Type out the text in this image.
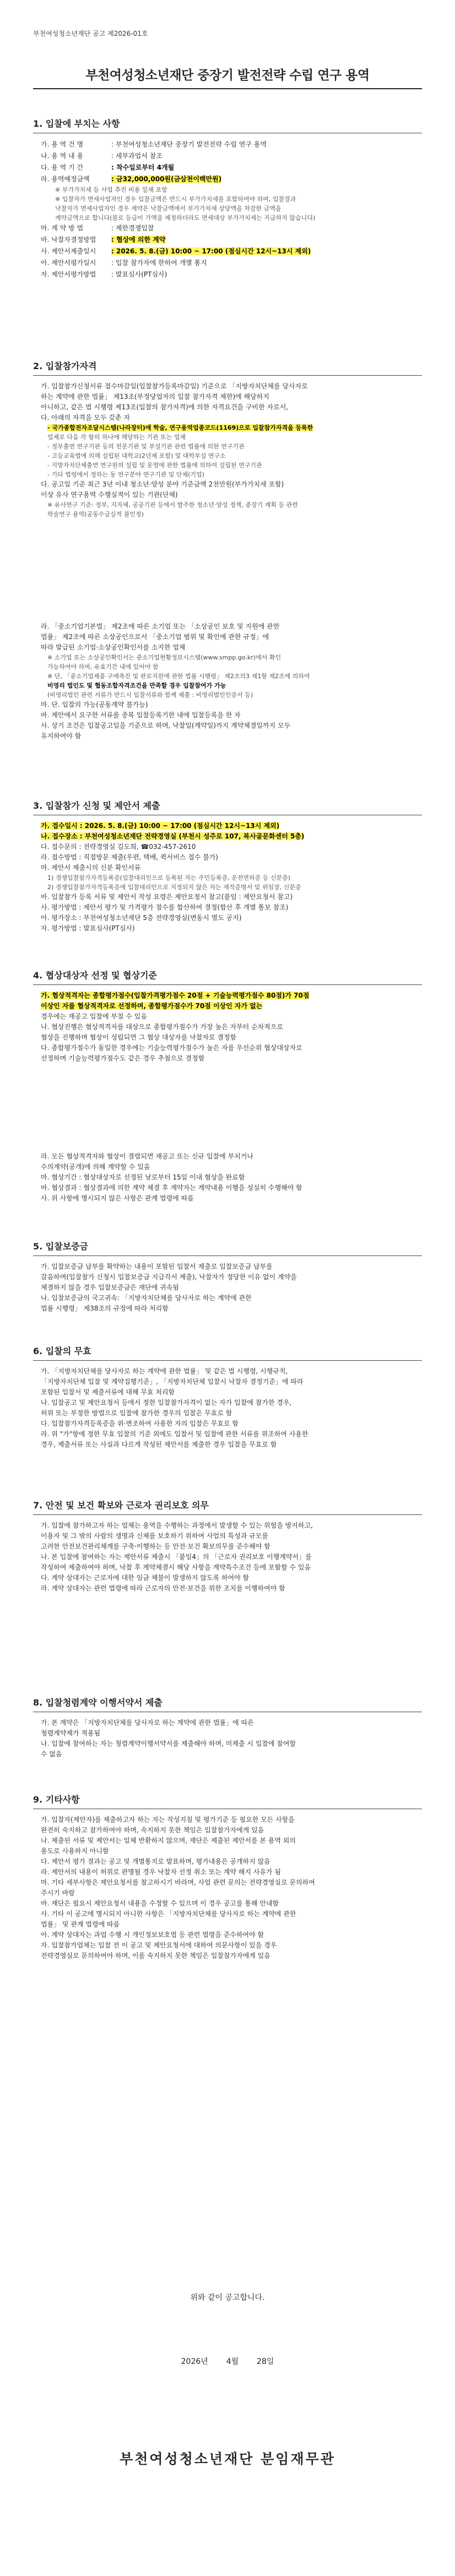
부천여성청소년재단 공고 제2026-01호
부천여성청소년재단 중장기 발전전략 수립 연구 용역
1. 입찰에 부치는 사항
가. 용 역 건 명	: 부천여성청소년재단 중장기 발전전략 수립 연구 용역
나. 용 역 내 용	: 세부과업서 참조
다. 용 역 기 간	: 착수일로부터 4개월
라. 용역예정금액	: 금32,000,000원(금삼천이백만원)
※ 부가가치세 등 사업 추진 비용 일체 포함
※ 입찰자가 면세사업자인 경우 입찰금액은 반드시 부가가치세를 포함하여야 하며, 입찰결과
낙찰자가 면세사업자인 경우 계약은 낙찰금액에서 부가가치세 상당액을 차감한 금액을
계약금액으로 합니다(불로 등급이 가액을 제정하더라도 면세대상 부가가치세는 지급하지 않습니다)
마. 계 약 방 법	: 제한경쟁입찰
바. 낙찰자결정방법	: 협상에 의한 계약
사. 제안서제출일시	: 2026. 5. 8.(금) 10:00 ~ 17:00 (점심시간 12시~13시 제외)
아. 제안서평가일시	: 입찰 참가자에 한하여 개별 통지
자. 제안서평가방법	: 발표심사(PT심사)
2. 입찰참가자격
가. 입찰참가신청서류 접수마감일(입찰참가등록마감일) 기준으로 「지방자치단체를 당사자로
하는 계약에 관한 법률」 제13조(부정당업자의 입찰 참가자격 제한)에 해당하지
아니하고, 같은 법 시행령 제13조(입찰의 참가자격)에 의한 자격요건을 구비한 자로서,
다. 아래의 자격을 모두 갖춘 자
- 국가종합전자조달시스템(나라장터)에 학술, 연구용역업종코드(1169)으로 입찰참가자격을 등록한
업체로 다음 각 항의 하나에 해당하는 기관 또는 업체
- 정부출연 연구기관 등의 전문기관 및 부설기관 관련 법률에 의한 연구기관
- 고등교육법에 의해 설립된 대학교(2년제 포함) 및 대학부설 연구소
- 지방자치단체출연 연구원의 설립 및 운영에 관한 법률에 의하여 설립된 연구기관
- 기타 법령에서 정하는 동 연구분야 연구기관 및 단체(기업)
다. 공고일 기준 최근 3년 이내 청소년·양성 분야 기준금액 2천만원(부가가치세 포함)
이상 유사 연구용역 수행실적이 있는 기관(단체)
※ 유사연구 기준: 정부, 지자체, 공공기관 등에서 발주한 청소년·양성 정책, 중장기 계획 등 관련
학술연구 용역(공동수급실적 불인정)
라. 「중소기업기본법」 제2조에 따른 소기업 또는 「소상공인 보호 및 지원에 관한
법률」 제2조에 따른 소상공인으로서 「중소기업 범위 및 확인에 관한 규정」에
따라 발급된 소기업·소상공인확인서를 소지한 업체
※ 소기업 또는 소상공인확인서는 중소기업현황정보시스템(www.smpp.go.kr)에서 확인
가능하여야 하며, 유효기간 내에 있어야 함
※ 단, 「중소기업제품 구매촉진 및 판로지원에 관한 법률 시행령」 제2조의3 제1항 제2조에 의하여
비영리 법인도 및 협동조합자격조건을 만족할 경우 입찰참여가 가능
(비영리법인 관련 서류가 반드시 입찰서류와 함께 제출 : 비영리법인인증서 등)
마. 단. 입찰의 가능(공동계약 불가능)
바. 제안에서 요구한 서류를 중복 입찰등록기한 내에 입찰등록을 한 자
사. 상기 조건은 입찰공고일을 기준으로 하며, 낙찰일(계약일)까지 계약체결일까지 모두
유지하여야 함
3. 입찰참가 신청 및 제안서 제출
가. 접수일시 : 2026. 5. 8.(금) 10:00 ~ 17:00 (점심시간 12시~13시 제외)
나. 접수장소 : 부천여성청소년재단 전략경영실 (부천시 성주로 107, 복사골문화센터 5층)
다. 접수문의 : 전략경영실 김도희, ☎032-457-2610
라. 접수방법 : 직접방문 제출(우편, 택배, 퀵서비스 접수 불가)
마. 제안서 제출시의 신분 확인서류
1) 경쟁입찰참가자격등록증(입찰대리인으로 등록된 자는 주민등록증, 운전면허증 등 신분증)
2) 경쟁입찰참가자격등록증에 입찰대리인으로 지정되지 않은 자는 재직증명서 및 위임장, 신분증
바. 입찰참가 등록 서류 및 제안서 작성 요령은 제안요청서 참고(붙임 : 제안요청서 참고)
사. 평가방법 : 제안서 평가 및 가격평가 점수를 합산하여 결정(합산 후 개별 통보 참조)
아. 평가장소 : 부천여성청소년재단 5층 전략경영실(변동시 별도 공지)
자. 평가방법 : 발표심사(PT심사)
4. 협상대상자 선정 및 협상기준
가. 협상적격자는 종합평가점수(입찰가격평가점수 20점 + 기술능력평가점수 80점)가 70점
이상인 자를 협상적격자로 선정하며, 종합평가점수가 70점 이상인 자가 없는
경우에는 재공고 입찰에 부칠 수 있음
나. 협상진행은 협상적격자를 대상으로 종합평가점수가 가장 높은 자부터 순차적으로
협상을 진행하며 협상이 성립되면 그 협상 대상자를 낙찰자로 결정함
다. 종합평가점수가 동일한 경우에는 기술능력평가점수가 높은 자를 우선순위 협상대상자로
선정하며 기술능력평가점수도 같은 경우 추첨으로 결정함
라. 모든 협상적격자와 협상이 결렬되면 재공고 또는 신규 입찰에 부치거나
수의계약(공개)에 의해 계약할 수 있음
마. 협상기간 : 협상대상자로 선정된 날로부터 15일 이내 협상을 완료함
바. 협상결과 : 협상결과에 의한 계약 체결 후 계약자는 계약내용 이행을 성실히 수행해야 함
사. 위 사항에 명시되지 않은 사항은 관계 법령에 따름
5. 입찰보증금
가. 입찰보증금 납부를 확약하는 내용이 포함된 입찰서 제출로 입찰보증금 납부를
갈음하며(입찰참가 신청시 입찰보증금 지급각서 제출), 낙찰자가 정당한 이유 없이 계약을
체결하지 않을 경우 입찰보증금은 재단에 귀속됨
나. 입찰보증금의 국고귀속: 「지방자치단체를 당사자로 하는 계약에 관한
법률 시행령」 제38조의 규정에 따라 처리함
6. 입찰의 무효
가. 「지방자치단체를 당사자로 하는 계약에 관한 법률」 및 같은 법 시행령, 시행규칙,
「지방자치단체 입찰 및 계약집행기준」, 「지방자치단체 입찰시 낙찰자 결정기준」에 따라
포함된 입찰서 및 제출서류에 대해 무효 처리함
나. 입찰공고 및 제안요청서 등에서 정한 입찰참가자격이 없는 자가 입찰에 참가한 경우,
허위 또는 부정한 방법으로 입찰에 참가한 경우의 입찰은 무효로 함
다. 입찰참가자격등록증을 위·변조하여 사용한 자의 입찰은 무효로 함
라. 위 "가"항에 정한 무효 입찰의 기준 외에도 입찰서 및 입찰에 관한 서류를 위조하여 사용한
경우, 제출서류 또는 사실과 다르게 작성된 제안서를 제출한 경우 입찰을 무효로 함
7. 안전 및 보건 확보와 근로자 권리보호 의무
가. 입찰에 참가하고자 하는 업체는 용역을 수행하는 과정에서 발생할 수 있는 위험을 방지하고,
이용자 및 그 밖의 사람의 생명과 신체를 보호하기 위하여 사업의 특성과 규모를
고려한 안전보건관리체계를 구축·이행하는 등 안전·보건 확보의무를 준수해야 함
나. 본 입찰에 참여하는 자는 제안서류 제출시 「붙임4」의 「근로자 권리보호 이행계약서」를
작성하여 제출하여야 하며, 낙찰 후 계약체결시 해당 사항을 계약특수조건 등에 포함할 수 있음
다. 계약 상대자는 근로자에 대한 임금 체불이 발생하지 않도록 하여야 함
라. 계약 상대자는 관련 법령에 따라 근로자의 안전·보건을 위한 조치를 이행하여야 함
8. 입찰청렴계약 이행서약서 제출
가. 본 계약은 「지방자치단체를 당사자로 하는 계약에 관한 법률」에 따른
청렴계약제가 적용됨
나. 입찰에 참여하는 자는 청렴계약이행서약서를 제출해야 하며, 미제출 시 입찰에 참여할
수 없음
9. 기타사항
가. 입찰자(제안자)를 제출하고자 하는 자는 작성지침 및 평가기준 등 필요한 모든 사항을
완전히 숙지하고 참가하여야 하며, 숙지하지 못한 책임은 입찰참가자에게 있음
나. 제출된 서류 및 제안서는 일체 반환하지 않으며, 재단은 제출된 제안서를 본 용역 외의
용도로 사용하지 아니함
다. 제안서 평가 결과는 공고 및 개별통지로 발표하며, 평가내용은 공개하지 않음
라. 제안서의 내용이 허위로 판명될 경우 낙찰자 선정 취소 또는 계약 해지 사유가 됨
마. 기타 세부사항은 제안요청서를 참고하시기 바라며, 사업 관련 문의는 전략경영실로 문의하여
주시기 바람
바. 재단은 필요시 제안요청서 내용을 수정할 수 있으며 이 경우 공고를 통해 안내함
사. 기타 이 공고에 명시되지 아니한 사항은 「지방자치단체를 당사자로 하는 계약에 관한
법률」 및 관계 법령에 따름
아. 계약 상대자는 과업 수행 시 개인정보보호법 등 관련 법령을 준수하여야 함
자. 입찰참가업체는 입찰 전 이 공고 및 제안요청서에 대하여 의문사항이 있을 경우
전략경영실로 문의하여야 하며, 이를 숙지하지 못한 책임은 입찰참가자에게 있음
위와 같이 공고합니다.
2026년 4월 28일
부천여성청소년재단 분임재무관
